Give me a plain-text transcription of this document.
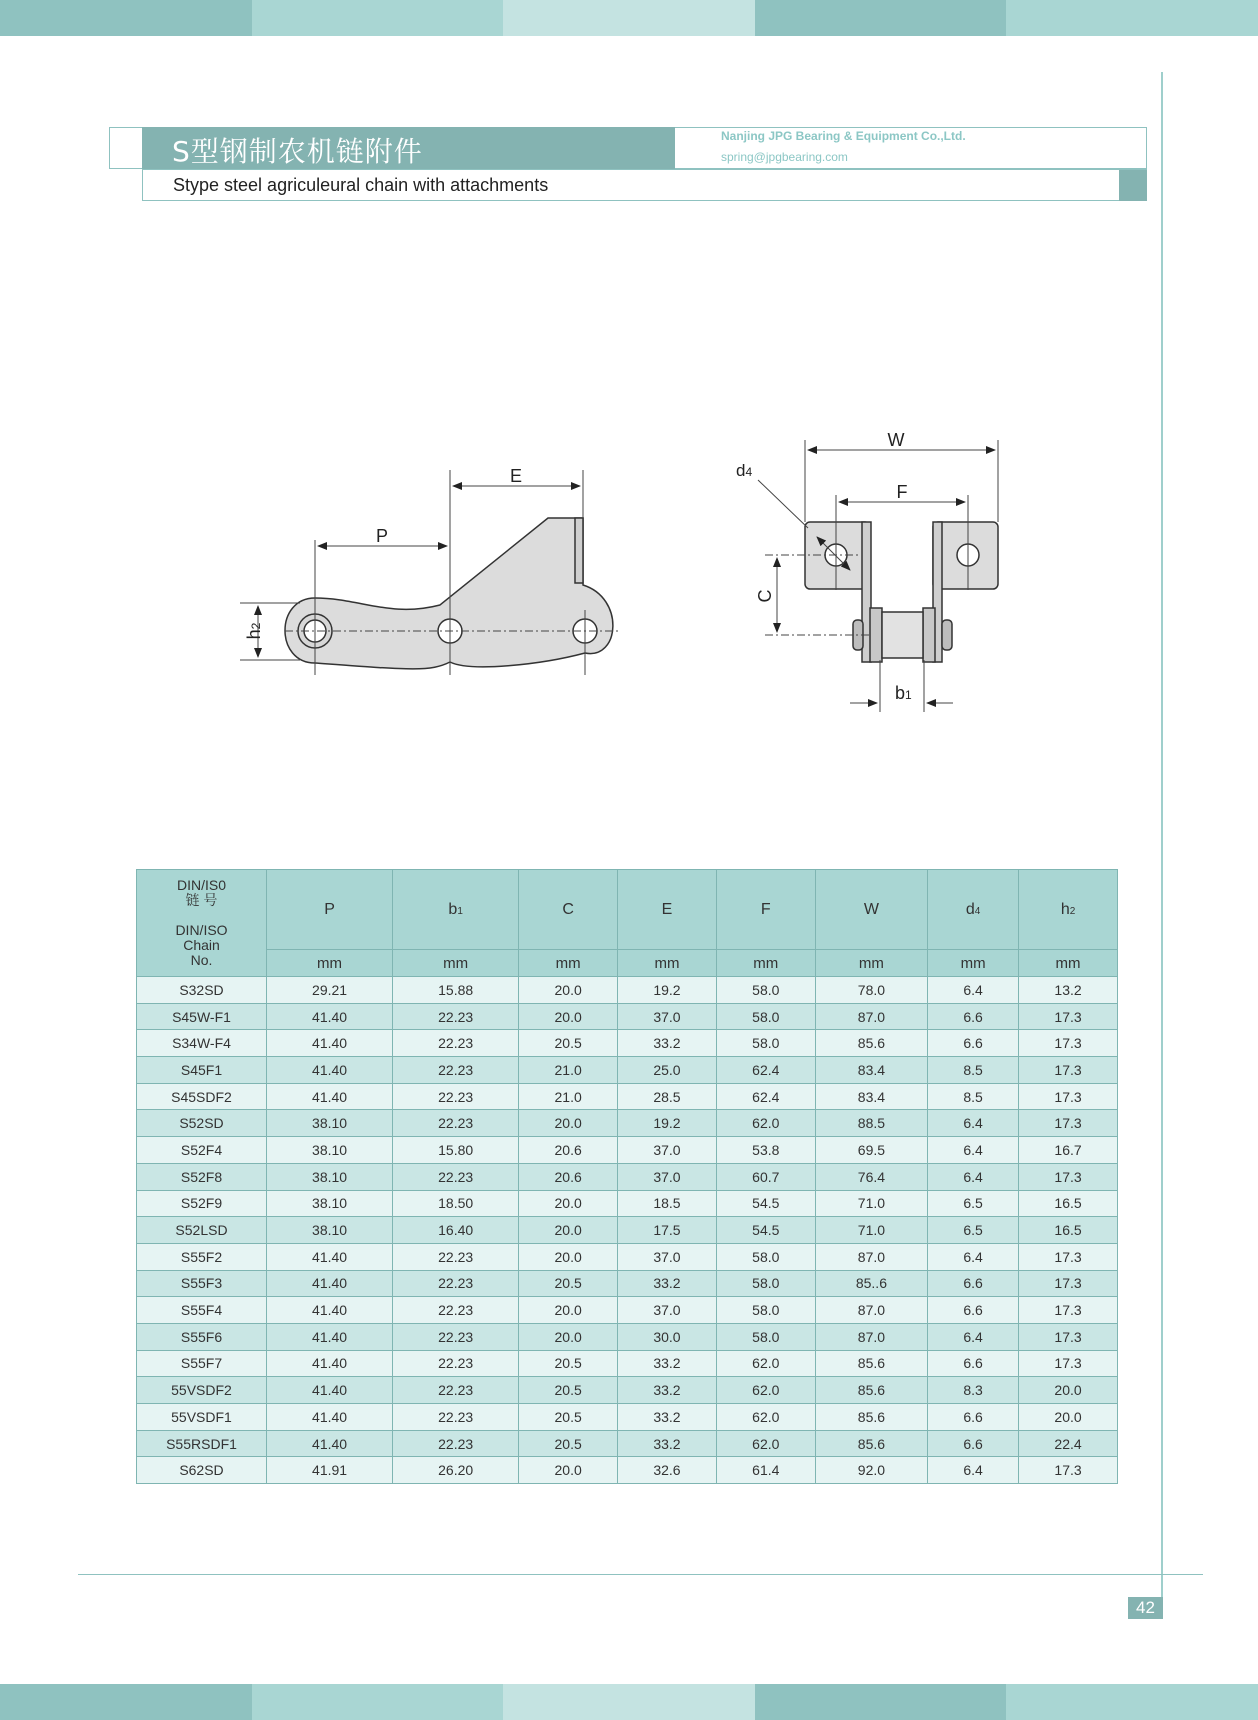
S型钢制农机链附件	Nanjing JPG Bearing & Equipment Co.,Ltd.
spring@jpgbearing.com
Stype steel agriculeural chain with attachments
P
E
h2
W
F
d4
C
b1
DIN/IS0
链 号

DIN/ISO
Chain
No.	P	b1	C	E	F	W	d4	h2
	mm	mm	mm	mm	mm	mm	mm	mm
S32SD	29.21	15.88	20.0	19.2	58.0	78.0	6.4	13.2
S45W-F1	41.40	22.23	20.0	37.0	58.0	87.0	6.6	17.3
S34W-F4	41.40	22.23	20.5	33.2	58.0	85.6	6.6	17.3
S45F1	41.40	22.23	21.0	25.0	62.4	83.4	8.5	17.3
S45SDF2	41.40	22.23	21.0	28.5	62.4	83.4	8.5	17.3
S52SD	38.10	22.23	20.0	19.2	62.0	88.5	6.4	17.3
S52F4	38.10	15.80	20.6	37.0	53.8	69.5	6.4	16.7
S52F8	38.10	22.23	20.6	37.0	60.7	76.4	6.4	17.3
S52F9	38.10	18.50	20.0	18.5	54.5	71.0	6.5	16.5
S52LSD	38.10	16.40	20.0	17.5	54.5	71.0	6.5	16.5
S55F2	41.40	22.23	20.0	37.0	58.0	87.0	6.4	17.3
S55F3	41.40	22.23	20.5	33.2	58.0	85..6	6.6	17.3
S55F4	41.40	22.23	20.0	37.0	58.0	87.0	6.6	17.3
S55F6	41.40	22.23	20.0	30.0	58.0	87.0	6.4	17.3
S55F7	41.40	22.23	20.5	33.2	62.0	85.6	6.6	17.3
55VSDF2	41.40	22.23	20.5	33.2	62.0	85.6	8.3	20.0
55VSDF1	41.40	22.23	20.5	33.2	62.0	85.6	6.6	20.0
S55RSDF1	41.40	22.23	20.5	33.2	62.0	85.6	6.6	22.4
S62SD	41.91	26.20	20.0	32.6	61.4	92.0	6.4	17.3
42
